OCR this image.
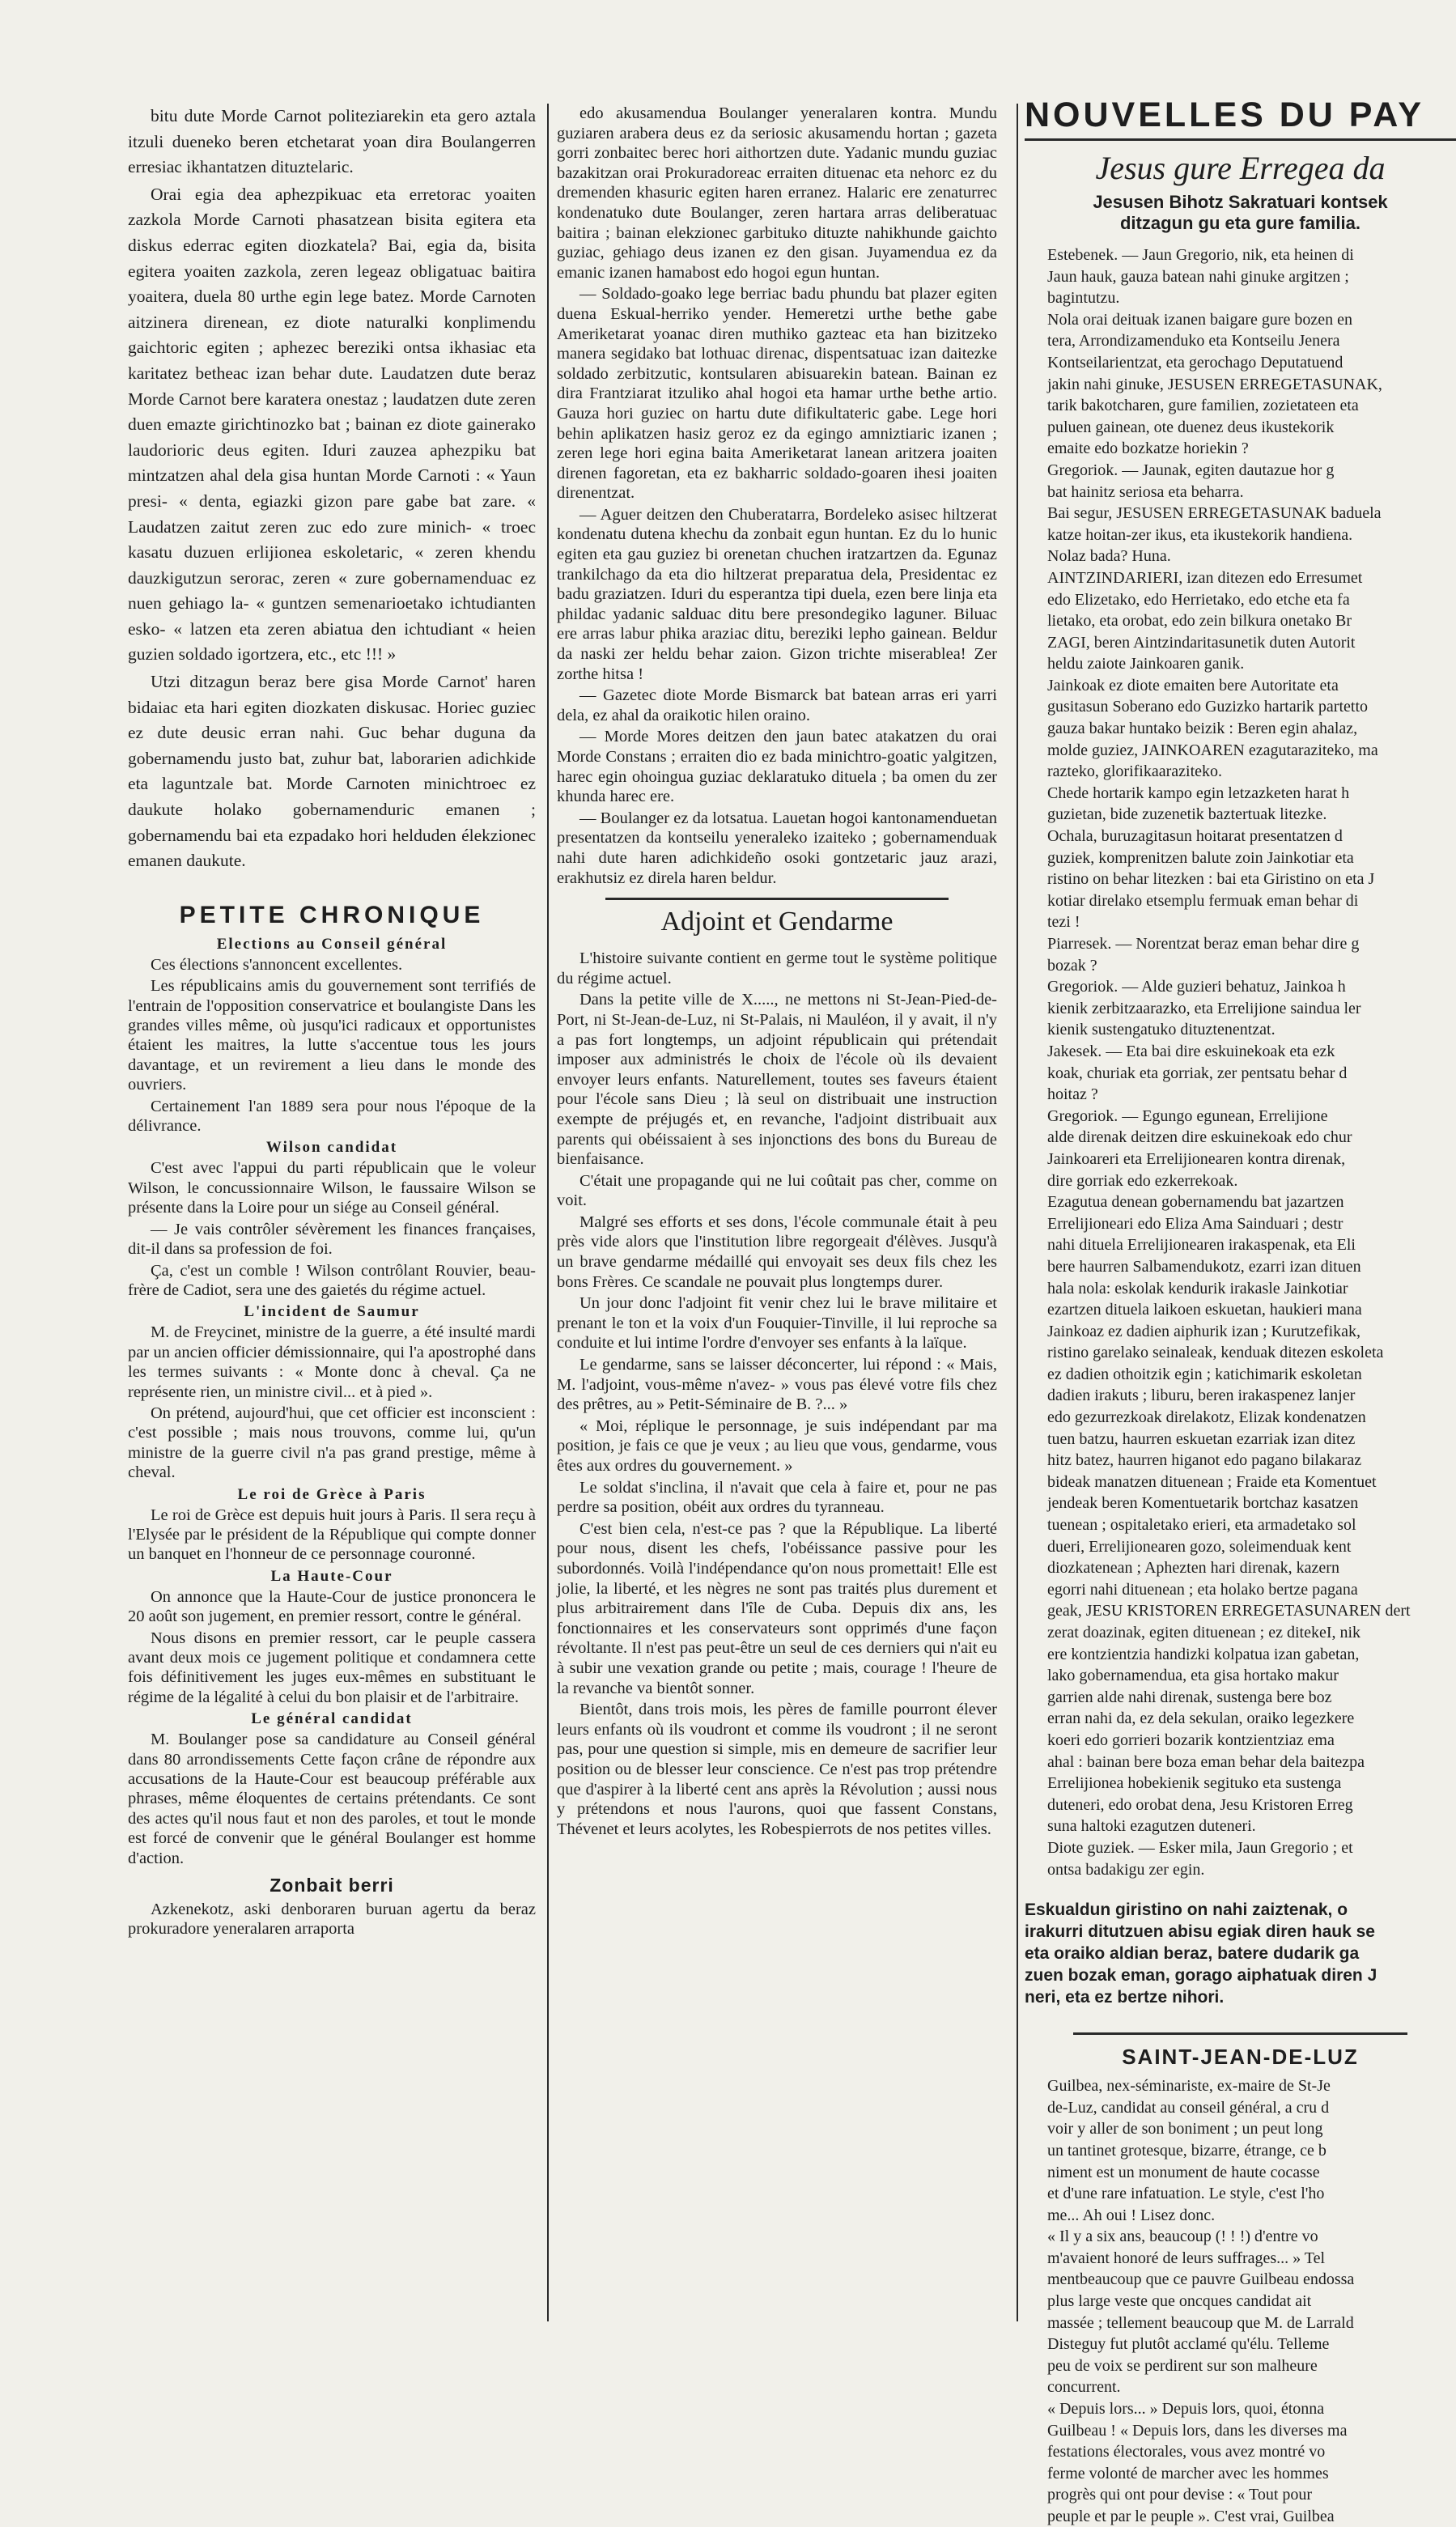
bitu dute Morde Carnot politeziarekin eta gero aztala itzuli dueneko beren etchetarat yoan dira Boulangerren erresiac ikhantatzen dituztelaric.

Orai egia dea aphezpikuac eta erretorac yoaiten zazkola Morde Carnoti phasatzean bisita egitera eta diskus ederrac egiten diozkatela? Bai, egia da, bisita egitera yoaiten zazkola, zeren legeaz obligatuac baitira yoaitera, duela 80 urthe egin lege batez. Morde Carnoten aitzinera direnean, ez diote naturalki konplimendu gaichtoric egiten ; aphezec bereziki ontsa ikhasiac eta karitatez betheac izan behar dute. Laudatzen dute beraz Morde Carnot bere karatera onestaz ; laudatzen dute zeren duen emazte girichtinozko bat ; bainan ez diote gainerako laudorioric deus egiten. Iduri zauzea aphezpiku bat mintzatzen ahal dela gisa huntan Morde Carnoti : « Yaun presi- « denta, egiazki gizon pare gabe bat zare. « Laudatzen zaitut zeren zuc edo zure minich- « troec kasatu duzuen erlijionea eskoletaric, « zeren khendu dauzkigutzun serorac, zeren « zure gobernamenduac ez nuen gehiago la- « guntzen semenarioetako ichtudianten esko- « latzen eta zeren abiatua den ichtudiant « heien guzien soldado igortzera, etc., etc !!! »

Utzi ditzagun beraz bere gisa Morde Carnot' haren bidaiac eta hari egiten diozkaten diskusac. Horiec guziec ez dute deusic erran nahi. Guc behar duguna da gobernamendu justo bat, zuhur bat, laborarien adichkide eta laguntzale bat. Morde Carnoten minichtroec ez daukute holako gobernamenduric emanen ; gobernamendu bai eta ezpadako hori helduden élekzioneс emanen daukute.

PETITE CHRONIQUE
Elections au Conseil général

Ces élections s'annoncent excellentes.

Les républicains amis du gouvernement sont terrifiés de l'entrain de l'opposition conservatrice et boulangiste Dans les grandes villes même, où jusqu'ici radicaux et opportunistes étaient les maitres, la lutte s'accentue tous les jours davantage, et un revirement a lieu dans le monde des ouvriers.

Certainement l'an 1889 sera pour nous l'époque de la délivrance.

Wilson candidat

C'est avec l'appui du parti républicain que le voleur Wilson, le concussionnaire Wilson, le faussaire Wilson se présente dans la Loire pour un siége au Conseil général.

— Je vais contrôler sévèrement les finances françaises, dit-il dans sa profession de foi.

Ça, c'est un comble ! Wilson contrôlant Rouvier, beau-frère de Cadiot, sera une des gaietés du régime actuel.

L'incident de Saumur

M. de Freycinet, ministre de la guerre, a été insulté mardi par un ancien officier démissionnaire, qui l'a apostrophé dans les termes suivants : « Monte donc à cheval. Ça ne représente rien, un ministre civil... et à pied ».

On prétend, aujourd'hui, que cet officier est inconscient : c'est possible ; mais nous trouvons, comme lui, qu'un ministre de la guerre civil n'a pas grand prestige, même à cheval.

Le roi de Grèce à Paris

Le roi de Grèce est depuis huit jours à Paris. Il sera reçu à l'Elysée par le président de la République qui compte donner un banquet en l'honneur de ce personnage couronné.

La Haute-Cour

On annonce que la Haute-Cour de justice prononcera le 20 août son jugement, en premier ressort, contre le général.

Nous disons en premier ressort, car le peuple cassera avant deux mois ce jugement politique et condamnera cette fois définitivement les juges eux-mêmes en substituant le régime de la légalité à celui du bon plaisir et de l'arbitraire.

Le général candidat

M. Boulanger pose sa candidature au Conseil général dans 80 arrondissements Cette façon crâne de répondre aux accusations de la Haute-Cour est beaucoup préférable aux phrases, même éloquentes de certains prétendants. Ce sont des actes qu'il nous faut et non des paroles, et tout le monde est forcé de convenir que le général Boulanger est homme d'action.

Zonbait berri

Azkenekotz, aski denboraren buruan agertu da beraz prokuradore yeneralaren arraporta

edo akusamendua Boulanger yeneralaren kontra. Mundu guziaren arabera deus ez da seriosic akusamendu hortan ; gazeta gorri zonbaitec berec hori aithortzen dute. Yadanic mundu guziac bazakitzan orai Prokuradoreac erraiten dituenac eta nehorc ez du dremenden khasuric egiten haren erranez. Halaric ere zenaturrec kondenatuko dute Boulanger, zeren hartara arras deliberatuac baitira ; bainan elekzionec garbituko dituzte nahikhunde gaichto guziac, gehiago deus izanen ez den gisan. Juyamendua ez da emanic izanen hamabost edo hogoi egun huntan.

— Soldado-goako lege berriac badu phundu bat plazer egiten duena Eskual-herriko yender. Hemeretzi urthe bethe gabe Ameriketarat yoanac diren muthiko gazteac eta han bizitzeko manera segidako bat lothuac direnac, dispentsatuac izan daitezke soldado zerbitzutic, kontsularen abisuarekin batean. Bainan ez dira Frantziarat itzuliko ahal hogoi eta hamar urthe bethe artio. Gauza hori guziec on hartu dute difikultateric gabe. Lege hori behin aplikatzen hasiz geroz ez da egingo amniztiaric izanen ; zeren lege hori egina baita Ameriketarat lanean aritzera joaiten direnen fagoretan, eta ez bakharric soldado-goaren ihesi joaiten direnentzat.

— Aguer deitzen den Chuberatarra, Bordeleko asisec hiltzerat kondenatu dutena khechu da zonbait egun huntan. Ez du lo hunic egiten eta gau guziez bi orenetan chuchen iratzartzen da. Egunaz trankilchago da eta dio hiltzerat preparatua dela, Presidentac ez badu graziatzen. Iduri du esperantza tipi duela, ezen bere linja eta phildac yadanic salduac ditu bere presondegiko laguner. Biluac ere arras labur phika araziac ditu, bereziki lepho gainean. Beldur da naski zer heldu behar zaion. Gizon trichte miserablea! Zer zorthe hitsa !

— Gazetec diote Morde Bismarck bat batean arras eri yarri dela, ez ahal da oraikotic hilen oraino.

— Morde Mores deitzen den jaun batec atakatzen du orai Morde Constans ; erraiten dio ez bada minichtro-goatic yalgitzen, harec egin ohoingua guziac deklaratuko dituela ; ba omen du zer khunda harec ere.

— Boulanger ez da lotsatua. Lauetan hogoi kantonamenduetan presentatzen da kontseilu yeneraleko izaiteko ; gobernamenduak nahi dute haren adichkideño osoki gontzetaric jauz arazi, erakhutsiz ez direla haren beldur.

Adjoint et Gendarme

L'histoire suivante contient en germe tout le système politique du régime actuel.

Dans la petite ville de X....., ne mettons ni St-Jean-Pied-de-Port, ni St-Jean-de-Luz, ni St-Palais, ni Mauléon, il y avait, il n'y a pas fort longtemps, un adjoint républicain qui prétendait imposer aux administrés le choix de l'école où ils devaient envoyer leurs enfants. Naturellement, toutes ses faveurs étaient pour l'école sans Dieu ; là seul on distribuait une instruction exempte de préjugés et, en revanche, l'adjoint distribuait aux parents qui obéissaient à ses injonctions des bons du Bureau de bienfaisance.

C'était une propagande qui ne lui coûtait pas cher, comme on voit.

Malgré ses efforts et ses dons, l'école communale était à peu près vide alors que l'institution libre regorgeait d'élèves. Jusqu'à un brave gendarme médaillé qui envoyait ses deux fils chez les bons Frères. Ce scandale ne pouvait plus longtemps durer.

Un jour donc l'adjoint fit venir chez lui le brave militaire et prenant le ton et la voix d'un Fouquier-Tinville, il lui reproche sa conduite et lui intime l'ordre d'envoyer ses enfants à la laïque.

Le gendarme, sans se laisser déconcerter, lui répond : « Mais, M. l'adjoint, vous-même n'avez- » vous pas élevé votre fils chez des prêtres, au » Petit-Séminaire de B. ?... »

« Moi, réplique le personnage, je suis indépendant par ma position, je fais ce que je veux ; au lieu que vous, gendarme, vous êtes aux ordres du gouvernement. »

Le soldat s'inclina, il n'avait que cela à faire et, pour ne pas perdre sa position, obéit aux ordres du tyranneau.

C'est bien cela, n'est-ce pas ? que la République. La liberté pour nous, disent les chefs, l'obéissance passive pour les subordonnés. Voilà l'indépendance qu'on nous promettait! Elle est jolie, la liberté, et les nègres ne sont pas traités plus durement et plus arbitrairement dans l'île de Cuba. Depuis dix ans, les fonctionnaires et les conservateurs sont opprimés d'une façon révoltante. Il n'est pas peut-être un seul de ces derniers qui n'ait eu à subir une vexation grande ou petite ; mais, courage ! l'heure de la revanche va bientôt sonner.

Bientôt, dans trois mois, les pères de famille pourront élever leurs enfants où ils voudront et comme ils voudront ; il ne seront pas, pour une question si simple, mis en demeure de sacrifier leur position ou de blesser leur conscience. Ce n'est pas trop prétendre que d'aspirer à la liberté cent ans après la Révolution ; aussi nous y prétendons et nous l'aurons, quoi que fassent Constans, Thévenet et leurs acolytes, les Robespierrots de nos petites villes.

NOUVELLES DU PAY
Jesus gure Erregea da
Jesusen Bihotz Sakratuari kontsek
ditzagun gu eta gure familia.

Estebenek. — Jaun Gregorio, nik, eta heinen di

Jaun hauk, gauza batean nahi ginuke argitzen ;

bagintutzu.

Nola orai deituak izanen baigare gure bozen en

tera, Arrondizamenduko eta Kontseilu Jenera

Kontseilarientzat, eta gerochago Deputatuend

jakin nahi ginuke, JESUSEN ERREGETASUNAK,

tarik bakotcharen, gure familien, zozietateen eta

puluen gainean, ote duenez deus ikustekorik

emaite edo bozkatze horiekin ?

Gregoriok. — Jaunak, egiten dautazue hor g

bat hainitz seriosa eta beharra.

Bai segur, JESUSEN ERREGETASUNAK baduela

katze hoitan-zer ikus, eta ikustekorik handiena.

Nolaz bada? Huna.

AINTZINDARIERI, izan ditezen edo Erresumet

edo Elizetako, edo Herrietako, edo etche eta fa

lietako, eta orobat, edo zein bilkura onetako Br

ZAGI, beren Aintzindaritasunetik duten Autorit

heldu zaiote Jainkoaren ganik.

Jainkoak ez diote emaiten bere Autoritate eta

gusitasun Soberano edo Guzizko hartarik partetto

gauza bakar huntako beizik : Beren egin ahalaz,

molde guziez, JAINKOAREN ezagutaraziteko, ma

razteko, glorifikaaraziteko.

Chede hortarik kampo egin letzazketen harat h

guzietan, bide zuzenetik baztertuak litezke.

Ochala, buruzagitasun hoitarat presentatzen d

guziek, komprenitzen balute zoin Jainkotiar eta

ristino on behar litezken : bai eta Giristino on eta J

kotiar direlako etsemplu fermuak eman behar di

tezi !

Piarresek. — Norentzat beraz eman behar dire g

bozak ?

Gregoriok. — Alde guzieri behatuz, Jainkoa h

kienik zerbitzaarazko, eta Errelijione saindua ler

kienik sustengatuko dituztenentzat.

Jakesek. — Eta bai dire eskuinekoak eta ezk

koak, churiak eta gorriak, zer pentsatu behar d

hoitaz ?

Gregoriok. — Egungo egunean, Errelijione

alde direnak deitzen dire eskuinekoak edo chur

Jainkoareri eta Errelijionearen kontra direnak,

dire gorriak edo ezkerrekoak.

Ezagutua denean gobernamendu bat jazartzen

Errelijioneari edo Eliza Ama Sainduari ; destr

nahi dituela Errelijionearen irakaspenak, eta Eli

bere haurren Salbamendukotz, ezarri izan dituen

hala nola: eskolak kendurik irakasle Jainkotiar

ezartzen dituela laikoen eskuetan, haukieri mana

Jainkoaz ez dadien aiphurik izan ; Kurutzefikak,

ristino garelako seinaleak, kenduak ditezen eskoleta

ez dadien othoitzik egin ; katichimarik eskoletan

dadien irakuts ; liburu, beren irakaspenez lanjer

edo gezurrezkoak direlakotz, Elizak kondenatzen

tuen batzu, haurren eskuetan ezarriak izan ditez

hitz batez, haurren higanot edo pagano bilakaraz

bideak manatzen dituenean ; Fraide eta Komentuet

jendeak beren Komentuetarik bortchaz kasatzen

tuenean ; ospitaletako erieri, eta armadetako sol

dueri, Errelijionearen gozo, soleimenduak kent

diozkatenean ; Aphezten hari direnak, kazern

egorri nahi dituenean ; eta holako bertze pagana

geak, JESU KRISTOREN ERREGETASUNAREN dert

zerat doazinak, egiten dituenean ; ez ditekeI, nik

ere kontzientzia handizki kolpatua izan gabetan,

lako gobernamendua, eta gisa hortako makur

garrien alde nahi direnak, sustenga bere boz

erran nahi da, ez dela sekulan, oraiko legezkere

koeri edo gorrieri bozarik kontzientziaz ema

ahal : bainan bere boza eman behar dela baitezpa

Errelijionea hobekienik segituko eta sustenga

duteneri, edo orobat dena, Jesu Kristoren Erreg

suna haltoki ezagutzen duteneri.

Diote guziek. — Esker mila, Jaun Gregorio ; et

ontsa badakigu zer egin.

Eskualdun giristino on nahi zaiztenak, o
irakurri ditutzuen abisu egiak diren hauk se
eta oraiko aldian beraz, batere dudarik ga
zuen bozak eman, gorago aiphatuak diren J
neri, eta ez bertze nihori.
SAINT-JEAN-DE-LUZ

Guilbea, nex-séminariste, ex-maire de St-Je

de-Luz, candidat au conseil général, a cru d

voir y aller de son boniment ; un peut long

un tantinet grotesque, bizarre, étrange, ce b

niment est un monument de haute cocasse

et d'une rare infatuation. Le style, c'est l'ho

me... Ah oui ! Lisez donc.

« Il y a six ans, beaucoup (! ! !) d'entre vo

m'avaient honoré de leurs suffrages... » Tel

mentbeaucoup que ce pauvre Guilbeau endossa

plus large veste que oncques candidat ait

massée ; tellement beaucoup que M. de Larrald

Disteguy fut plutôt acclamé qu'élu. Telleme

peu de voix se perdirent sur son malheure

concurrent.

« Depuis lors... » Depuis lors, quoi, étonna

Guilbeau ! « Depuis lors, dans les diverses ma

festations électorales, vous avez montré vo

ferme volonté de marcher avec les hommes

progrès qui ont pour devise : « Tout pour

peuple et par le peuple ». C'est vrai, Guilbea
